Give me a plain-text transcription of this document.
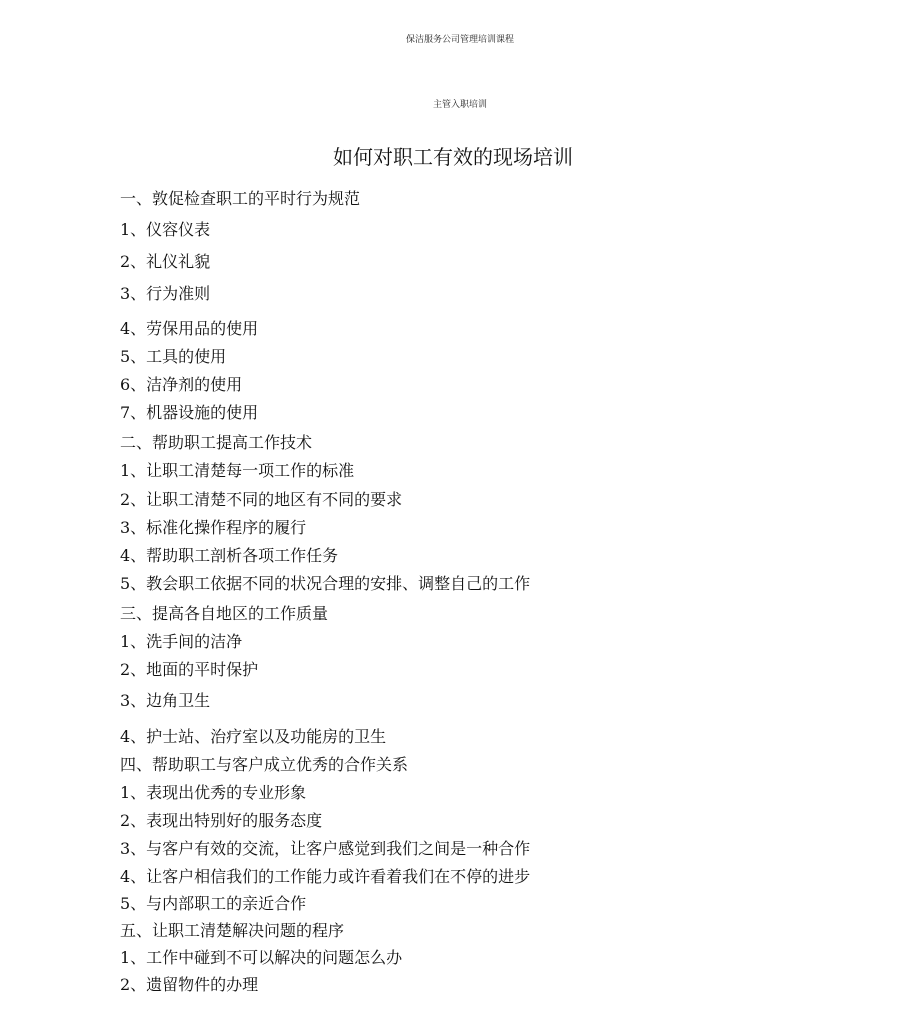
保洁服务公司管理培训课程
主管入职培训
如何对职工有效的现场培训
一、敦促检查职工的平时行为规范
1、仪容仪表
2、礼仪礼貌
3、行为准则
4、劳保用品的使用
5、工具的使用
6、洁净剂的使用
7、机器设施的使用
二、帮助职工提高工作技术
1、让职工清楚每一项工作的标准
2、让职工清楚不同的地区有不同的要求
3、标准化操作程序的履行
4、帮助职工剖析各项工作任务
5、教会职工依据不同的状况合理的安排、调整自己的工作
三、提高各自地区的工作质量
1、洗手间的洁净
2、地面的平时保护
3、边角卫生
4、护士站、治疗室以及功能房的卫生
四、帮助职工与客户成立优秀的合作关系
1、表现出优秀的专业形象
2、表现出特别好的服务态度
3、与客户有效的交流，让客户感觉到我们之间是一种合作
4、让客户相信我们的工作能力或许看着我们在不停的进步
5、与内部职工的亲近合作
五、让职工清楚解决问题的程序
1、工作中碰到不可以解决的问题怎么办
2、遗留物件的办理
